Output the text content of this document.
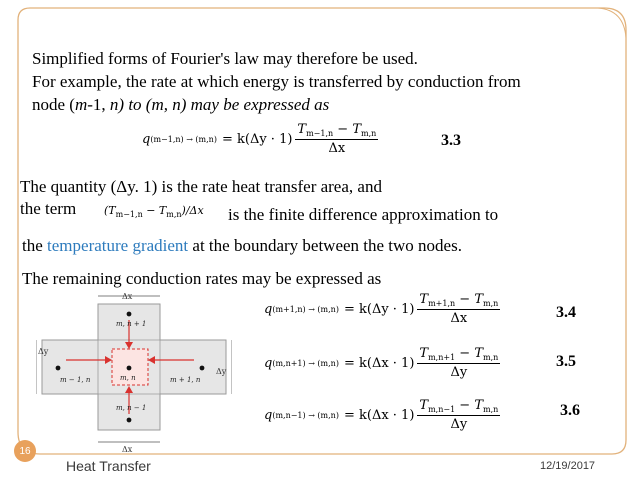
Simplified forms of Fourier's law may therefore be used.
For example, the rate at which energy is transferred by conduction from
node (m-1, n) to (m, n) may be expressed as
q $(m-1,n) \to (m,n) = k(\Delta y \cdot 1) \frac{T_{m-1,n} - T_{m,n}}{\Delta x}$	3.3
The quantity (Δy. 1) is the rate heat transfer area, and
the term	$(T_{m-1,n} - T_{m,n})/\Delta x$ is the finite difference approximation to
the temperature gradient at the boundary between the two nodes.
The remaining conduction rates may be expressed as
Δx
Δx
Δy
Δy
m, n + 1
m − 1, n	m, n	m + 1, n
m, n − 1
q $(m+1,n) \to (m,n) = k(\Delta y \cdot 1) \frac{T_{m+1,n} - T_{m,n}}{\Delta x}$	3.4
q $(m,n+1) \to (m,n) = k(\Delta x \cdot 1) \frac{T_{m,n+1} - T_{m,n}}{\Delta y}$	3.5
q $(m,n-1) \to (m,n) = k(\Delta x \cdot 1) \frac{T_{m,n-1} - T_{m,n}}{\Delta y}$	3.6
16
Heat Transfer	12/19/2017
